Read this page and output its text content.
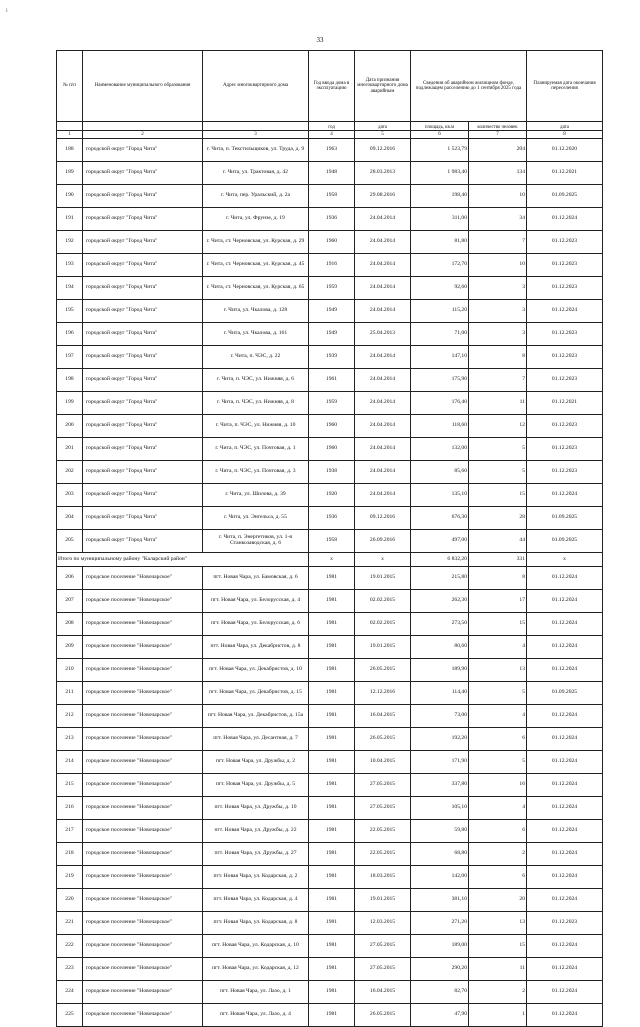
i
33
№ п/п	Наименование муниципального образования	Адрес многоквартирного дома	Год ввода дома в эксплуатацию	Дата признания многоквартирного дома аварийным	Сведения об аварийном жилищном фонде, подлежащем расселению до 1 сентября 2025 года		Планируемая дата окончания переселения
			год	дата	площадь, кв.м	количество человек	дата
1	2	3	4	5	6	7	8
188	городской округ "Город Чита"	г. Чита, п. Текстильщиков, ул. Трудa, д. 9	1963	09.12.2016	1 523,79	204	01.12.2020
189	городской округ "Город Чита"	г. Чита, ул. Трактовая, д. 42	1948	28.03.2013	1 983,40	134	01.12.2021
190	городской округ "Город Чита"	г. Чита, пер. Уральский, д. 2а	1958	29.08.2016	198,40	10	01.09.2025
191	городской округ "Город Чита"	г. Чита, ул. Фрунзе, д. 19	1936	24.04.2014	311,00	34	01.12.2024
192	городской округ "Город Чита"	г. Чита, ст. Черновская, ул. Курская, д. 29	1960	24.04.2014	81,80	7	01.12.2023
193	городской округ "Город Чита"	г. Чита, ст. Черновская, ул. Курская, д. 45	1916	24.04.2014	172,70	10	01.12.2023
194	городской округ "Город Чита"	г. Чита, ст. Черновская, ул. Курская, д. 65	1959	24.04.2014	92,60	3	01.12.2023
195	городской округ "Город Чита"	г. Чита, ул. Чкалова, д. 128	1949	24.04.2014	115,20	3	01.12.2024
196	городской округ "Город Чита"	г. Чита, ул. Чкалова, д. 161	1949	25.04.2013	71,00	3	01.12.2023
197	городской округ "Город Чита"	г. Чита, п. ЧЭС, д. 22	1939	24.04.2014	147,10	8	01.12.2023
198	городской округ "Город Чита"	г. Чита, п. ЧЭС, ул. Нижняя, д. 6	1961	24.04.2014	175,90	7	01.12.2023
199	городской округ "Город Чита"	г. Чита, п. ЧЭС, ул. Нижняя, д. 8	1959	24.04.2014	176,40	11	01.12.2021
200	городской округ "Город Чита"	г. Чита, п. ЧЭС, ул. Нижняя, д. 10	1960	24.04.2014	118,60	12	01.12.2023
201	городской округ "Город Чита"	г. Чита, п. ЧЭС, ул. Почтовая, д. 1	1960	24.04.2014	132,00	5	01.12.2023
202	городской округ "Город Чита"	г. Чита, п. ЧЭС, ул. Почтовая, д. 3	1938	24.04.2014	85,60	5	01.12.2023
203	городской округ "Город Чита"	г. Чита, ул. Шилова, д. 39	1920	24.04.2014	135,10	15	01.12.2024
204	городской округ "Город Чита"	г. Чита, ул. Энгельса, д. 55	1936	09.12.2016	676,30	28	01.09.2025
205	городской округ "Город Чита"	г. Чита, п. Энергетиков, ул. 1-я Станкозаводская, д. 6	1958	26.09.2016	497,00	44	01.09.2025
Итого по муниципальному району "Каларский район"			x	x	6 832,20	331	x
206	городское поселение "Новочарское"	пгт. Новая Чара, ул. Бамовская, д. 6	1981	19.01.2015	215,80	8	01.12.2024
207	городское поселение "Новочарское"	пгт. Новая Чара, ул. Белорусская, д. 4	1981	02.02.2015	262,30	17	01.12.2024
208	городское поселение "Новочарское"	пгт. Новая Чара, ул. Белорусская, д. 6	1981	02.02.2015	273,50	15	01.12.2024
209	городское поселение "Новочарское"	пгт. Новая Чара, ул. Декабристов, д. 8	1981	19.01.2015	80,60	4	01.12.2024
210	городское поселение "Новочарское"	пгт. Новая Чара, ул. Декабристов, д. 10	1981	26.05.2015	189,90	13	01.12.2024
211	городское поселение "Новочарское"	пгт. Новая Чара, ул. Декабристов, д. 15	1981	12.12.2016	114,40	5	01.09.2025
212	городское поселение "Новочарское"	пгт. Новая Чара, ул. Декабристов, д. 15а	1981	16.04.2015	73,00	4	01.12.2024
213	городское поселение "Новочарское"	пгт. Новая Чара, ул. Десантная, д. 7	1981	26.05.2015	192,20	6	01.12.2024
214	городское поселение "Новочарское"	пгт. Новая Чара, ул. Дружбы, д. 2	1981	10.04.2015	171,90	5	01.12.2024
215	городское поселение "Новочарское"	пгт. Новая Чара, ул. Дружбы, д. 5	1981	27.05.2015	337,80	16	01.12.2024
216	городское поселение "Новочарское"	пгт. Новая Чара, ул. Дружбы, д. 10	1981	27.05.2015	105,10	4	01.12.2024
217	городское поселение "Новочарское"	пгт. Новая Чара, ул. Дружбы, д. 22	1981	22.05.2015	59,80	6	01.12.2024
218	городское поселение "Новочарское"	пгт. Новая Чара, ул. Дружбы, д. 27	1981	22.05.2015	68,80	2	01.12.2024
219	городское поселение "Новочарское"	пгт. Новая Чара, ул. Кодарская, д. 2	1981	18.03.2015	142,00	6	01.12.2024
220	городское поселение "Новочарское"	пгт. Новая Чара, ул. Кодарская, д. 4	1981	19.01.2015	381,10	20	01.12.2024
221	городское поселение "Новочарское"	пгт. Новая Чара, ул. Кодарская, д. 8	1981	12.03.2015	271,20	13	01.12.2023
222	городское поселение "Новочарское"	пгт. Новая Чара, ул. Кодарская, д. 10	1981	27.05.2015	189,00	15	01.12.2024
223	городское поселение "Новочарское"	пгт. Новая Чара, ул. Кодарская, д. 12	1981	27.05.2015	290,20	11	01.12.2024
224	городское поселение "Новочарское"	пгт. Новая Чара, ул. Лазо, д. 1	1981	16.04.2015	82,70	2	01.12.2024
225	городское поселение "Новочарское"	пгт. Новая Чара, ул. Лазо, д. 4	1981	26.05.2015	47,90	1	01.12.2024
